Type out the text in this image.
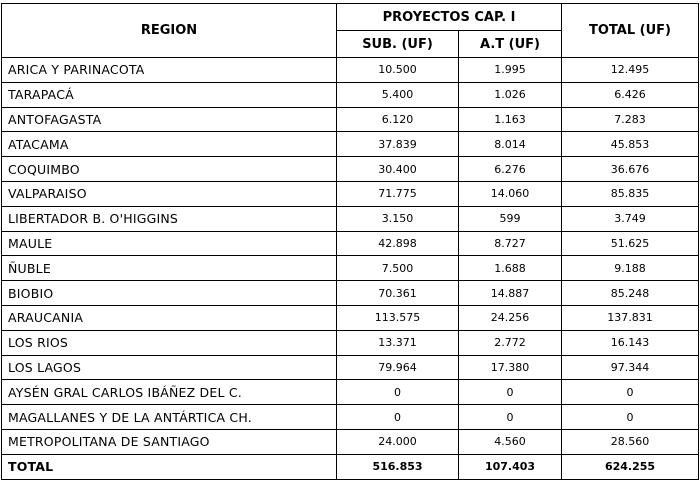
REGION	PROYECTOS CAP. I		TOTAL (UF)
	SUB. (UF)	A.T (UF)	
ARICA Y PARINACOTA	10.500	1.995	12.495
TARAPACÁ	5.400	1.026	6.426
ANTOFAGASTA	6.120	1.163	7.283
ATACAMA	37.839	8.014	45.853
COQUIMBO	30.400	6.276	36.676
VALPARAISO	71.775	14.060	85.835
LIBERTADOR B. O'HIGGINS	3.150	599	3.749
MAULE	42.898	8.727	51.625
ÑUBLE	7.500	1.688	9.188
BIOBIO	70.361	14.887	85.248
ARAUCANIA	113.575	24.256	137.831
LOS RIOS	13.371	2.772	16.143
LOS LAGOS	79.964	17.380	97.344
AYSÉN GRAL CARLOS IBÁÑEZ DEL C.	0	0	0
MAGALLANES Y DE LA ANTÁRTICA CH.	0	0	0
METROPOLITANA DE SANTIAGO	24.000	4.560	28.560
TOTAL	516.853	107.403	624.255
